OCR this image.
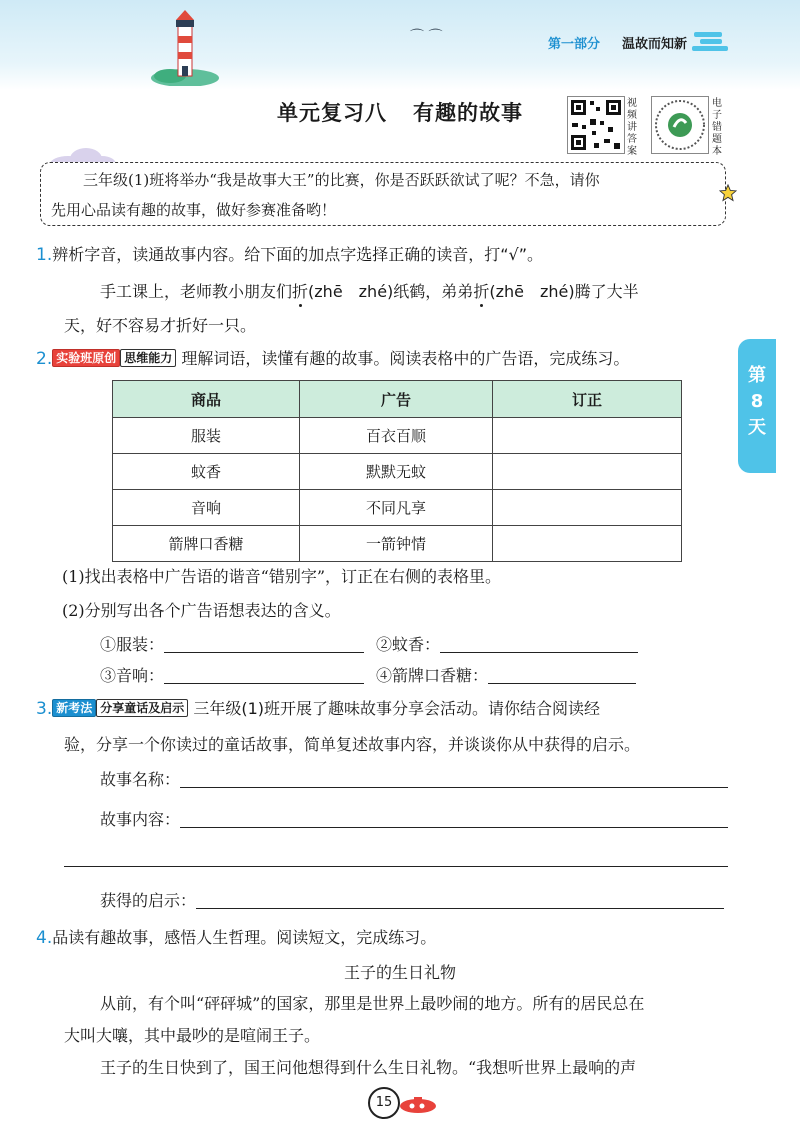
⌒ ⌒	第一部分 温故而知新
单元复习八 有趣的故事	视频讲答案
电子错题本

三年级(1)班将举办“我是故事大王”的比赛，你是否跃跃欲试了呢？不急，请你

先用心品读有趣的故事，做好参赛准备哟！

第
8
天
1.辨析字音，读通故事内容。给下面的加点字选择正确的读音，打“√”。
手工课上，老师教小朋友们折(zhē　zhé)纸鹤，弟弟折(zhē　zhé)腾了大半
天，好不容易才折好一只。
2. 实验班原创 思维能力 理解词语，读懂有趣的故事。阅读表格中的广告语，完成练习。
商品	广告	订正
服装	百衣百顺	
蚊香	默默无蚊	
音响	不同凡享	
箭牌口香糖	一箭钟情	
(1)找出表格中广告语的谐音“错别字”，订正在右侧的表格里。
(2)分别写出各个广告语想表达的含义。
①服装：	②蚊香：
③音响：	④箭牌口香糖：
3. 新考法 分享童话及启示 三年级(1)班开展了趣味故事分享会活动。请你结合阅读经
验，分享一个你读过的童话故事，简单复述故事内容，并谈谈你从中获得的启示。
故事名称：
故事内容：
获得的启示：
4.品读有趣故事，感悟人生哲理。阅读短文，完成练习。
王子的生日礼物
从前，有个叫“砰砰城”的国家，那里是世界上最吵闹的地方。所有的居民总在
大叫大嚷，其中最吵的是喧闹王子。
王子的生日快到了，国王问他想得到什么生日礼物。“我想听世界上最响的声
15
